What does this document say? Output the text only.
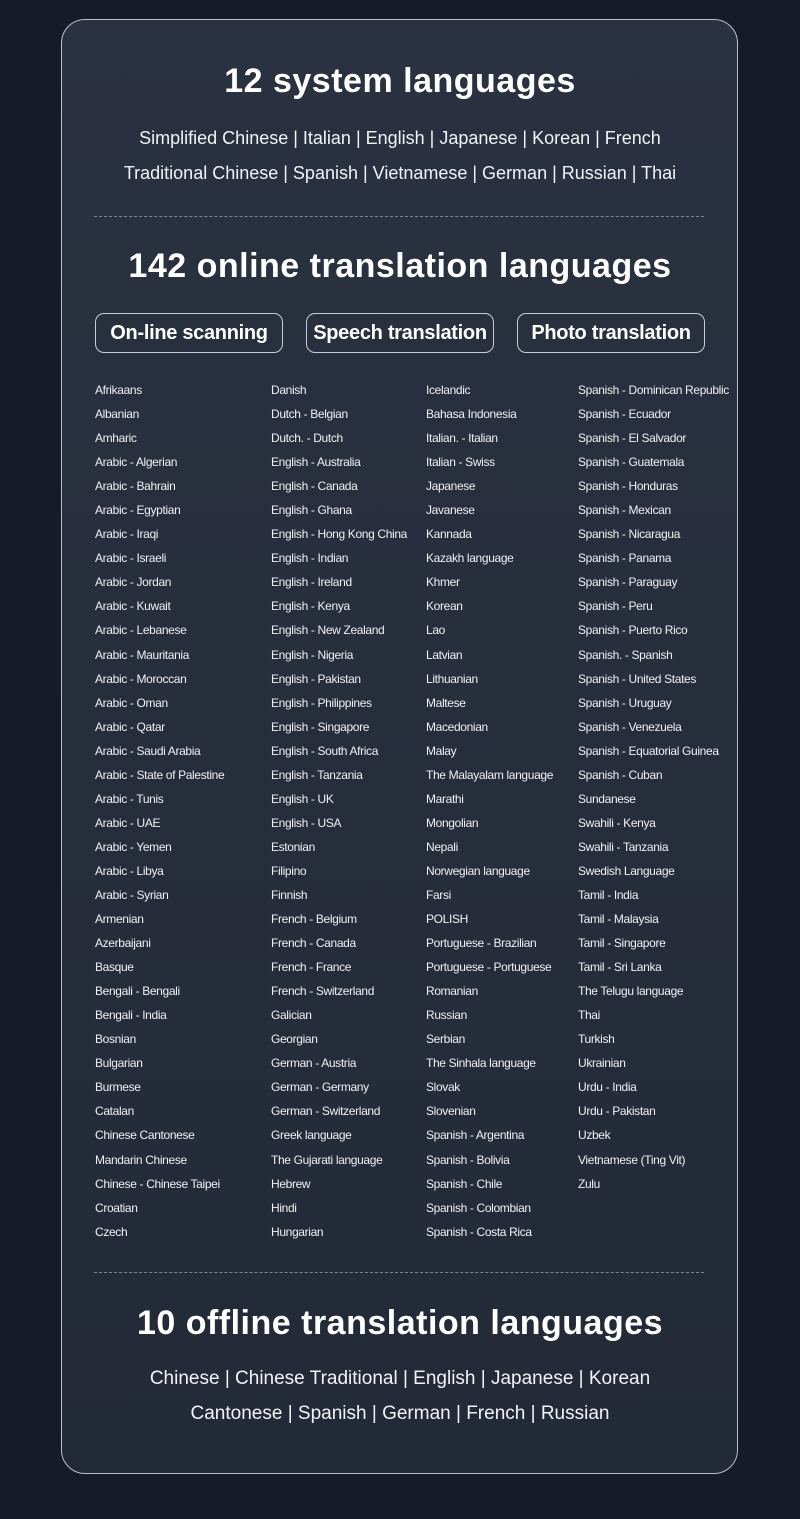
12 system languages

Simplified Chinese | Italian | English | Japanese | Korean | French

Traditional Chinese | Spanish | Vietnamese | German | Russian | Thai

142 online translation languages
On-line scanning	Speech translation	Photo translation
Afrikaans
Albanian
Amharic
Arabic - Algerian
Arabic - Bahrain
Arabic - Egyptian
Arabic - Iraqi
Arabic - Israeli
Arabic - Jordan
Arabic - Kuwait
Arabic - Lebanese
Arabic - Mauritania
Arabic - Moroccan
Arabic - Oman
Arabic - Qatar
Arabic - Saudi Arabia
Arabic - State of Palestine
Arabic - Tunis
Arabic - UAE
Arabic - Yemen
Arabic - Libya
Arabic - Syrian
Armenian
Azerbaijani
Basque
Bengali - Bengali
Bengali - India
Bosnian
Bulgarian
Burmese
Catalan
Chinese Cantonese
Mandarin Chinese
Chinese - Chinese Taipei
Croatian
Czech
Danish
Dutch - Belgian
Dutch. - Dutch
English - Australia
English - Canada
English - Ghana
English - Hong Kong China
English - Indian
English - Ireland
English - Kenya
English - New Zealand
English - Nigeria
English - Pakistan
English - Philippines
English - Singapore
English - South Africa
English - Tanzania
English - UK
English - USA
Estonian
Filipino
Finnish
French - Belgium
French - Canada
French - France
French - Switzerland
Galician
Georgian
German - Austria
German - Germany
German - Switzerland
Greek language
The Gujarati language
Hebrew
Hindi
Hungarian
Icelandic
Bahasa Indonesia
Italian. - Italian
Italian - Swiss
Japanese
Javanese
Kannada
Kazakh language
Khmer
Korean
Lao
Latvian
Lithuanian
Maltese
Macedonian
Malay
The Malayalam language
Marathi
Mongolian
Nepali
Norwegian language
Farsi
POLISH
Portuguese - Brazilian
Portuguese - Portuguese
Romanian
Russian
Serbian
The Sinhala language
Slovak
Slovenian
Spanish - Argentina
Spanish - Bolivia
Spanish - Chile
Spanish - Colombian
Spanish - Costa Rica
Spanish - Dominican Republic
Spanish - Ecuador
Spanish - El Salvador
Spanish - Guatemala
Spanish - Honduras
Spanish - Mexican
Spanish - Nicaragua
Spanish - Panama
Spanish - Paraguay
Spanish - Peru
Spanish - Puerto Rico
Spanish. - Spanish
Spanish - United States
Spanish - Uruguay
Spanish - Venezuela
Spanish - Equatorial Guinea
Spanish - Cuban
Sundanese
Swahili - Kenya
Swahili - Tanzania
Swedish Language
Tamil - India
Tamil - Malaysia
Tamil - Singapore
Tamil - Sri Lanka
The Telugu language
Thai
Turkish
Ukrainian
Urdu - India
Urdu - Pakistan
Uzbek
Vietnamese (Ting Vit)
Zulu
10 offline translation languages

Chinese | Chinese Traditional | English | Japanese | Korean

Cantonese | Spanish | German | French | Russian
